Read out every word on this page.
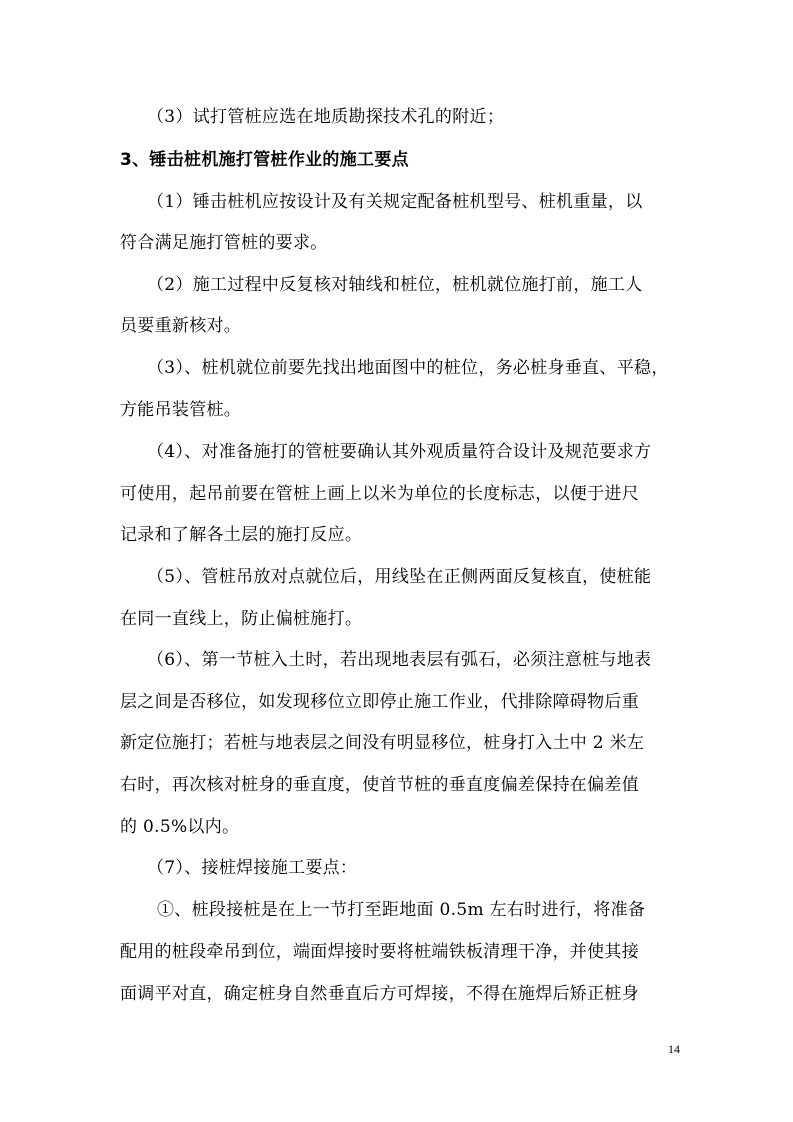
（3）试打管桩应选在地质勘探技术孔的附近；
3、锤击桩机施打管桩作业的施工要点
（1）锤击桩机应按设计及有关规定配备桩机型号、桩机重量，以
符合满足施打管桩的要求。
（2）施工过程中反复核对轴线和桩位，桩机就位施打前，施工人
员要重新核对。
（3）、桩机就位前要先找出地面图中的桩位，务必桩身垂直、平稳，
方能吊装管桩。
（4）、对准备施打的管桩要确认其外观质量符合设计及规范要求方
可使用，起吊前要在管桩上画上以米为单位的长度标志，以便于进尺
记录和了解各土层的施打反应。
（5）、管桩吊放对点就位后，用线坠在正侧两面反复核直，使桩能
在同一直线上，防止偏桩施打。
（6）、第一节桩入土时，若出现地表层有弧石，必须注意桩与地表
层之间是否移位，如发现移位立即停止施工作业，代排除障碍物后重
新定位施打；若桩与地表层之间没有明显移位，桩身打入土中 2 米左
右时，再次核对桩身的垂直度，使首节桩的垂直度偏差保持在偏差值
的 0.5%以内。
（7）、接桩焊接施工要点：
①、桩段接桩是在上一节打至距地面 0.5m 左右时进行，将准备
配用的桩段牵吊到位，端面焊接时要将桩端铁板清理干净，并使其接
面调平对直，确定桩身自然垂直后方可焊接，不得在施焊后矫正桩身
14
